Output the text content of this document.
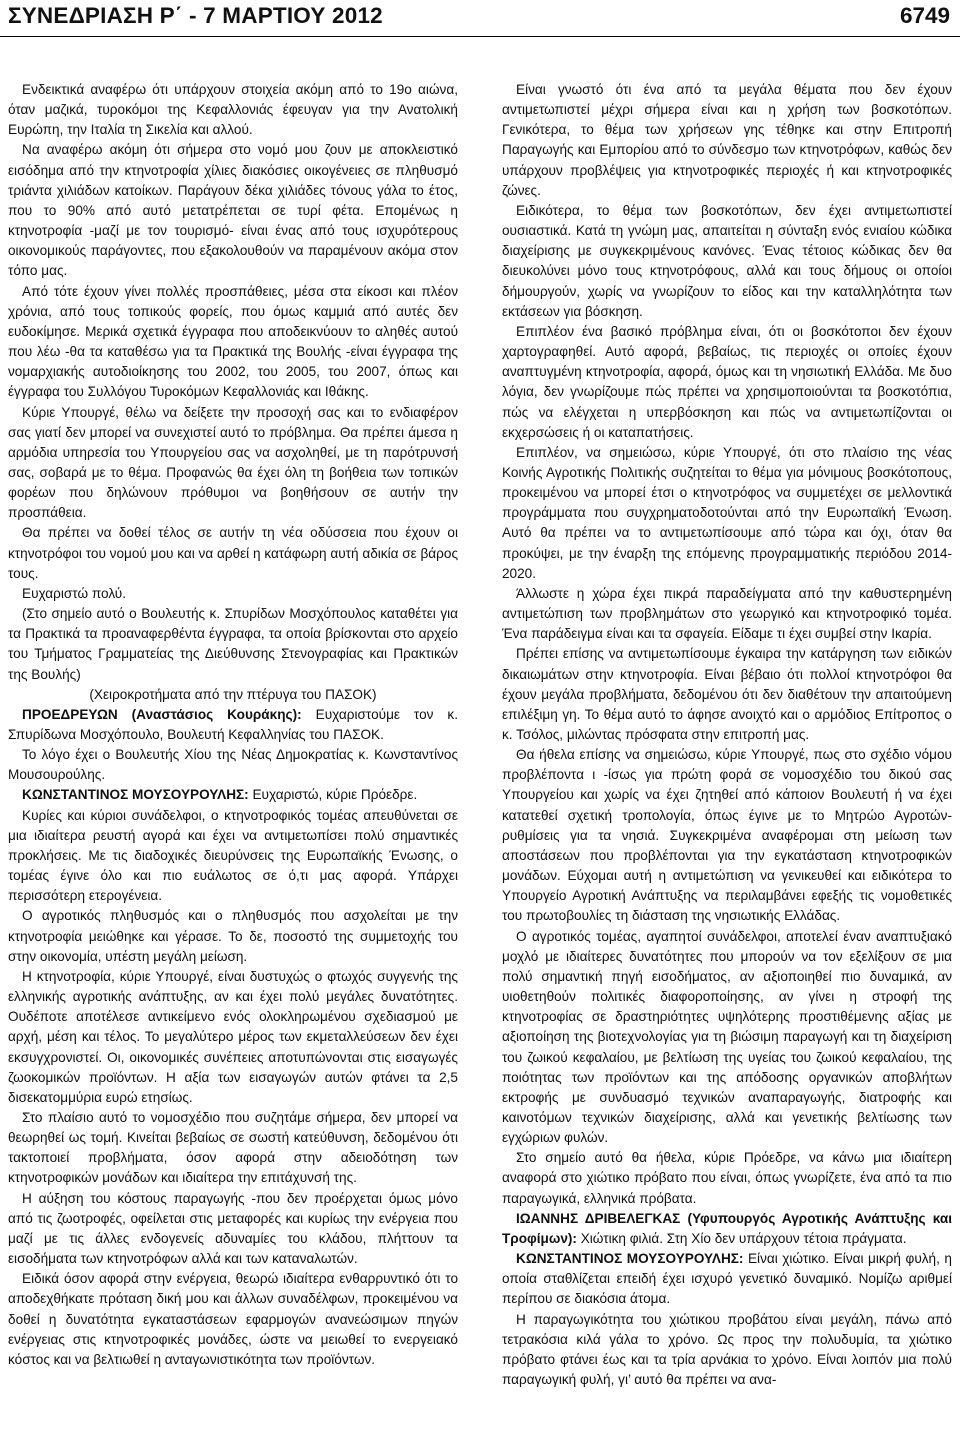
ΣΥΝΕΔΡΙΑΣΗ Ρ΄ - 7 ΜΑΡΤΙΟΥ 2012	6749

Ενδεικτικά αναφέρω ότι υπάρχουν στοιχεία ακόμη από το 19ο αιώνα, όταν μαζικά, τυροκόμοι της Κεφαλλονιάς έφευγαν για την Ανατολική Ευρώπη, την Ιταλία τη Σικελία και αλλού.

Να αναφέρω ακόμη ότι σήμερα στο νομό μου ζουν με αποκλειστικό εισόδημα από την κτηνοτροφία χίλιες διακόσιες οικογένειες σε πληθυσμό τριάντα χιλιάδων κατοίκων. Παράγουν δέκα χιλιάδες τόνους γάλα το έτος, που το 90% από αυτό μετατρέπεται σε τυρί φέτα. Επομένως η κτηνοτροφία -μαζί με τον τουρισμό- είναι ένας από τους ισχυρότερους οικονομικούς παράγοντες, που εξακολουθούν να παραμένουν ακόμα στον τόπο μας.

Από τότε έχουν γίνει πολλές προσπάθειες, μέσα στα είκοσι και πλέον χρόνια, από τους τοπικούς φορείς, που όμως καμμιά από αυτές δεν ευδοκίμησε. Μερικά σχετικά έγγραφα που αποδεικνύουν το αληθές αυτού που λέω -θα τα καταθέσω για τα Πρακτικά της Βουλής -είναι έγγραφα της νομαρχιακής αυτοδιοίκησης του 2002, του 2005, του 2007, όπως και έγγραφα του Συλλόγου Τυροκόμων Κεφαλλονιάς και Ιθάκης.

Κύριε Υπουργέ, θέλω να δείξετε την προσοχή σας και το ενδιαφέρον σας γιατί δεν μπορεί να συνεχιστεί αυτό το πρόβλημα. Θα πρέπει άμεσα η αρμόδια υπηρεσία του Υπουργείου σας να ασχοληθεί, με τη παρότρυνσή σας, σοβαρά με το θέμα. Προφανώς θα έχει όλη τη βοήθεια των τοπικών φορέων που δηλώνουν πρόθυμοι να βοηθήσουν σε αυτήν την προσπάθεια.

Θα πρέπει να δοθεί τέλος σε αυτήν τη νέα οδύσσεια που έχουν οι κτηνοτρόφοι του νομού μου και να αρθεί η κατάφωρη αυτή αδικία σε βάρος τους.

Ευχαριστώ πολύ.

(Στο σημείο αυτό ο Βουλευτής κ. Σπυρίδων Μοσχόπουλος καταθέτει για τα Πρακτικά τα προαναφερθέντα έγγραφα, τα οποία βρίσκονται στο αρχείο του Τμήματος Γραμματείας της Διεύθυνσης Στενογραφίας και Πρακτικών της Βουλής)

(Χειροκροτήματα από την πτέρυγα του ΠΑΣΟΚ)

ΠΡΟΕΔΡΕΥΩΝ (Αναστάσιος Κουράκης): Ευχαριστούμε τον κ. Σπυρίδωνα Μοσχόπουλο, Βουλευτή Κεφαλληνίας του ΠΑΣΟΚ.

Το λόγο έχει ο Βουλευτής Χίου της Νέας Δημοκρατίας κ. Κωνσταντίνος Μουσουρούλης.

ΚΩΝΣΤΑΝΤΙΝΟΣ ΜΟΥΣΟΥΡΟΥΛΗΣ: Ευχαριστώ, κύριε Πρόεδρε.

Κυρίες και κύριοι συνάδελφοι, ο κτηνοτροφικός τομέας απευθύνεται σε μια ιδιαίτερα ρευστή αγορά και έχει να αντιμετωπίσει πολύ σημαντικές προκλήσεις. Με τις διαδοχικές διευρύνσεις της Ευρωπαϊκής Ένωσης, ο τομέας έγινε όλο και πιο ευάλωτος σε ό,τι μας αφορά. Υπάρχει περισσότερη ετερογένεια.

Ο αγροτικός πληθυσμός και ο πληθυσμός που ασχολείται με την κτηνοτροφία μειώθηκε και γέρασε. Το δε, ποσοστό της συμμετοχής του στην οικονομία, υπέστη μεγάλη μείωση.

Η κτηνοτροφία, κύριε Υπουργέ, είναι δυστυχώς ο φτωχός συγγενής της ελληνικής αγροτικής ανάπτυξης, αν και έχει πολύ μεγάλες δυνατότητες. Ουδέποτε αποτέλεσε αντικείμενο ενός ολοκληρωμένου σχεδιασμού με αρχή, μέση και τέλος. Το μεγαλύτερο μέρος των εκμεταλλεύσεων δεν έχει εκσυγχρονιστεί. Οι, οικονομικές συνέπειες αποτυπώνονται στις εισαγωγές ζωοκομικών προϊόντων. Η αξία των εισαγωγών αυτών φτάνει τα 2,5 δισεκατομμύρια ευρώ ετησίως.

Στο πλαίσιο αυτό το νομοσχέδιο που συζητάμε σήμερα, δεν μπορεί να θεωρηθεί ως τομή. Κινείται βεβαίως σε σωστή κατεύθυνση, δεδομένου ότι τακτοποιεί προβλήματα, όσον αφορά στην αδειοδότηση των κτηνοτροφικών μονάδων και ιδιαίτερα την επιτάχυνσή της.

Η αύξηση του κόστους παραγωγής -που δεν προέρχεται όμως μόνο από τις ζωοτροφές, οφείλεται στις μεταφορές και κυρίως την ενέργεια που μαζί με τις άλλες ενδογενείς αδυναμίες του κλάδου, πλήττουν τα εισοδήματα των κτηνοτρόφων αλλά και των καταναλωτών.

Ειδικά όσον αφορά στην ενέργεια, θεωρώ ιδιαίτερα ενθαρρυντικό ότι το αποδεχθήκατε πρόταση δική μου και άλλων συναδέλφων, προκειμένου να δοθεί η δυνατότητα εγκαταστάσεων εφαρμογών ανανεώσιμων πηγών ενέργειας στις κτηνοτροφικές μονάδες, ώστε να μειωθεί το ενεργειακό κόστος και να βελτιωθεί η ανταγωνιστικότητα των προϊόντων.

Είναι γνωστό ότι ένα από τα μεγάλα θέματα που δεν έχουν αντιμετωπιστεί μέχρι σήμερα είναι και η χρήση των βοσκοτόπων. Γενικότερα, το θέμα των χρήσεων γης τέθηκε και στην Επιτροπή Παραγωγής και Εμπορίου από το σύνδεσμο των κτηνοτρόφων, καθώς δεν υπάρχουν προβλέψεις για κτηνοτροφικές περιοχές ή και κτηνοτροφικές ζώνες.

Ειδικότερα, το θέμα των βοσκοτόπων, δεν έχει αντιμετωπιστεί ουσιαστικά. Κατά τη γνώμη μας, απαιτείται η σύνταξη ενός ενιαίου κώδικα διαχείρισης με συγκεκριμένους κανόνες. Ένας τέτοιος κώδικας δεν θα διευκολύνει μόνο τους κτηνοτρόφους, αλλά και τους δήμους οι οποίοι δήμουργούν, χωρίς να γνωρίζουν το είδος και την καταλληλότητα των εκτάσεων για βόσκηση.

Επιπλέον ένα βασικό πρόβλημα είναι, ότι οι βοσκότοποι δεν έχουν χαρτογραφηθεί. Αυτό αφορά, βεβαίως, τις περιοχές οι οποίες έχουν αναπτυγμένη κτηνοτροφία, αφορά, όμως και τη νησιωτική Ελλάδα. Με δυο λόγια, δεν γνωρίζουμε πώς πρέπει να χρησιμοποιούνται τα βοσκοτόπια, πώς να ελέγχεται η υπερβόσκηση και πώς να αντιμετωπίζονται οι εκχερσώσεις ή οι καταπατήσεις.

Επιπλέον, να σημειώσω, κύριε Υπουργέ, ότι στο πλαίσιο της νέας Κοινής Αγροτικής Πολιτικής συζητείται το θέμα για μόνιμους βοσκότοπους, προκειμένου να μπορεί έτσι ο κτηνοτρόφος να συμμετέχει σε μελλοντικά προγράμματα που συγχρηματοδοτούνται από την Ευρωπαϊκή Ένωση. Αυτό θα πρέπει να το αντιμετωπίσουμε από τώρα και όχι, όταν θα προκύψει, με την έναρξη της επόμενης προγραμματικής περιόδου 2014-2020.

Άλλωστε η χώρα έχει πικρά παραδείγματα από την καθυστερημένη αντιμετώπιση των προβλημάτων στο γεωργικό και κτηνοτροφικό τομέα. Ένα παράδειγμα είναι και τα σφαγεία. Είδαμε τι έχει συμβεί στην Ικαρία.

Πρέπει επίσης να αντιμετωπίσουμε έγκαιρα την κατάργηση των ειδικών δικαιωμάτων στην κτηνοτροφία. Είναι βέβαιο ότι πολλοί κτηνοτρόφοι θα έχουν μεγάλα προβλήματα, δεδομένου ότι δεν διαθέτουν την απαιτούμενη επιλέξιμη γη. Το θέμα αυτό το άφησε ανοιχτό και ο αρμόδιος Επίτροπος ο κ. Τσόλος, μιλώντας πρόσφατα στην επιτροπή μας.

Θα ήθελα επίσης να σημειώσω, κύριε Υπουργέ, πως στο σχέδιο νόμου προβλέποντα ι -ίσως για πρώτη φορά σε νομοσχέδιο του δικού σας Υπουργείου και χωρίς να έχει ζητηθεί από κάποιον Βουλευτή ή να έχει κατατεθεί σχετική τροπολογία, όπως έγινε με το Μητρώο Αγροτών- ρυθμίσεις για τα νησιά. Συγκεκριμένα αναφέρομαι στη μείωση των αποστάσεων που προβλέπονται για την εγκατάσταση κτηνοτροφικών μονάδων. Εύχομαι αυτή η αντιμετώπιση να γενικευθεί και ειδικότερα το Υπουργείο Αγροτική Ανάπτυξης να περιλαμβάνει εφεξής τις νομοθετικές του πρωτοβουλίες τη διάσταση της νησιωτικής Ελλάδας.

Ο αγροτικός τομέας, αγαπητοί συνάδελφοι, αποτελεί έναν αναπτυξιακό μοχλό με ιδιαίτερες δυνατότητες που μπορούν να τον εξελίξουν σε μια πολύ σημαντική πηγή εισοδήματος, αν αξιοποιηθεί πιο δυναμικά, αν υιοθετηθούν πολιτικές διαφοροποίησης, αν γίνει η στροφή της κτηνοτροφίας σε δραστηριότητες υψηλότερης προστιθέμενης αξίας με αξιοποίηση της βιοτεχνολογίας για τη βιώσιμη παραγωγή και τη διαχείριση του ζωικού κεφαλαίου, με βελτίωση της υγείας του ζωικού κεφαλαίου, της ποιότητας των προϊόντων και της απόδοσης οργανικών αποβλήτων εκτροφής με συνδυασμό τεχνικών αναπαραγωγής, διατροφής και καινοτόμων τεχνικών διαχείρισης, αλλά και γενετικής βελτίωσης των εγχώριων φυλών.

Στο σημείο αυτό θα ήθελα, κύριε Πρόεδρε, να κάνω μια ιδιαίτερη αναφορά στο χιώτικο πρόβατο που είναι, όπως γνωρίζετε, ένα από τα πιο παραγωγικά, ελληνικά πρόβατα.

ΙΩΑΝΝΗΣ ΔΡΙΒΕΛΕΓΚΑΣ (Υφυπουργός Αγροτικής Ανάπτυξης και Τροφίμων): Χιώτικη φιλιά. Στη Χίο δεν υπάρχουν τέτοια πράγματα.

ΚΩΝΣΤΑΝΤΙΝΟΣ ΜΟΥΣΟΥΡΟΥΛΗΣ: Είναι χιώτικο. Είναι μικρή φυλή, η οποία σταθλίζεται επειδή έχει ισχυρό γενετικό δυναμικό. Νομίζω αριθμεί περίπου σε διακόσια άτομα.

Η παραγωγικότητα του χιώτικου προβάτου είναι μεγάλη, πάνω από τετρακόσια κιλά γάλα το χρόνο. Ως προς την πολυδυμία, τα χιώτικο πρόβατο φτάνει έως και τα τρία αρνάκια το χρόνο. Είναι λοιπόν μια πολύ παραγωγική φυλή, γι’ αυτό θα πρέπει να ανα-
